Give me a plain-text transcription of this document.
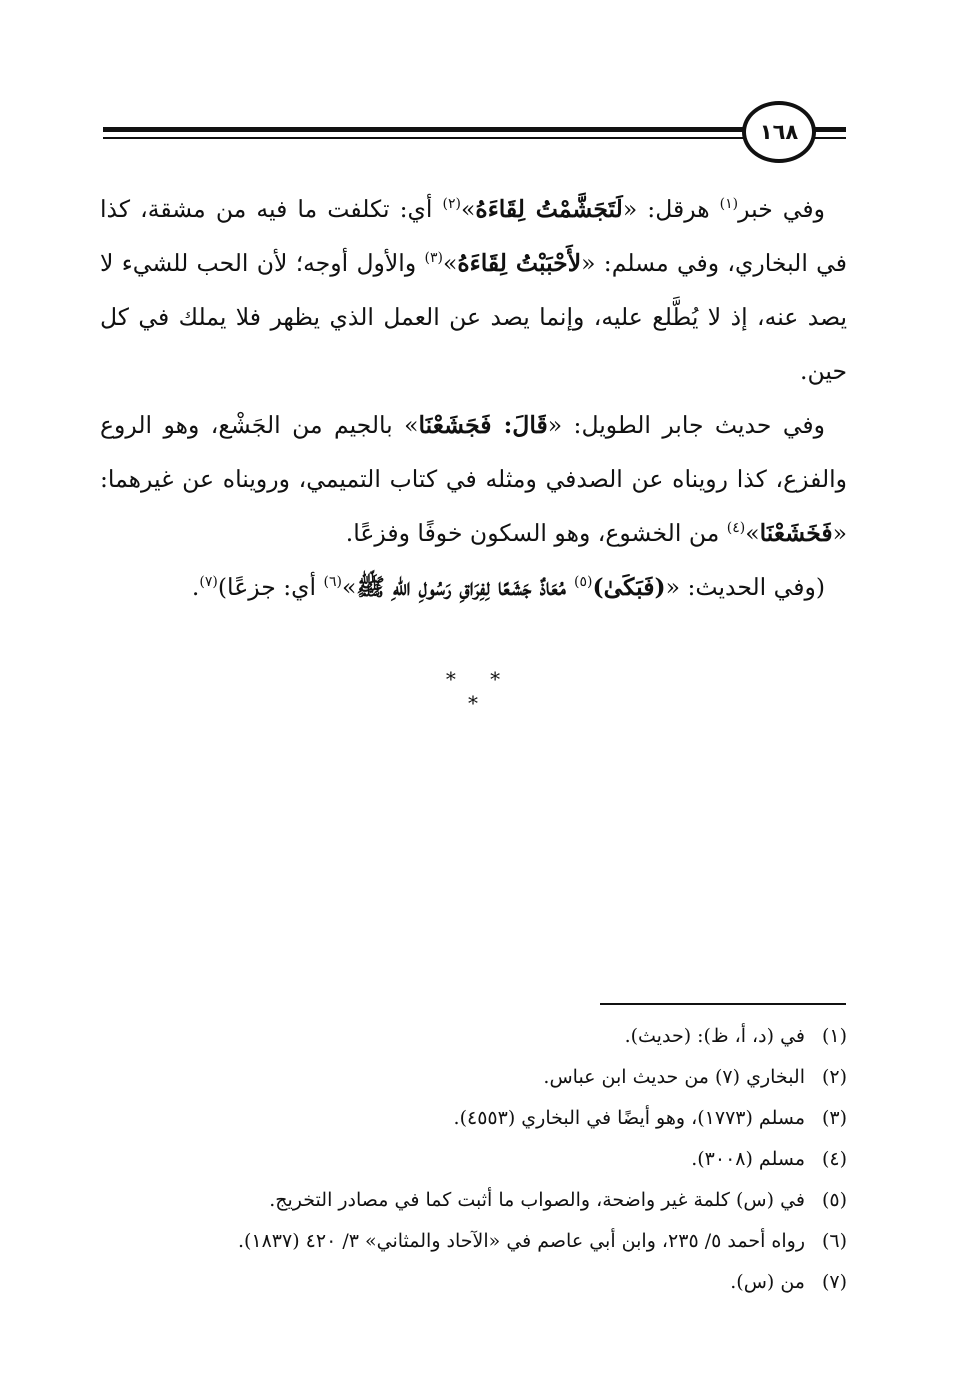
١٦٨

وفي خبر$^{(١)}$ هرقل: «لَتَجَشَّمْتُ لِقَاءَهُ»$^{(٢)}$ أي: تكلفت ما فيه من مشقة، كذا في البخاري، وفي مسلم: «لأَحْبَبْتُ لِقَاءَهُ»$^{(٣)}$ والأول أوجه؛ لأن الحب للشيء لا يصد عنه، إذ لا يُطَّلع عليه، وإنما يصد عن العمل الذي يظهر فلا يملك في كل حين.

وفي حديث جابر الطويل: «قَالَ: فَجَشَعْنَا» بالجيم من الجَشْع، وهو الروع والفزع، كذا رويناه عن الصدفي ومثله في كتاب التميمي، ورويناه عن غيرهما: «فَخَشَعْنَا»$^{(٤)}$ من الخشوع، وهو السكون خوفًا وفزعًا.

(وفي الحديث: «(فَبَكَىٰ)$^{(٥)}$ مُعَاذٌ جَشَعًا لِفِرَاقِ رَسُولِ اللهِ ﷺ»$^{(٦)}$ أي: جزعًا)$^{(٧)}$.

* * *
(١)في (د، أ، ظ): (حديث).
(٢)البخاري (٧) من حديث ابن عباس.
(٣)مسلم (١٧٧٣)، وهو أيضًا في البخاري (٤٥٥٣).
(٤)مسلم (٣٠٠٨).
(٥)في (س) كلمة غير واضحة، والصواب ما أثبت كما في مصادر التخريج.
(٦)رواه أحمد ٥/ ٢٣٥، وابن أبي عاصم في «الآحاد والمثاني» ٣/ ٤٢٠ (١٨٣٧).
(٧)من (س).
